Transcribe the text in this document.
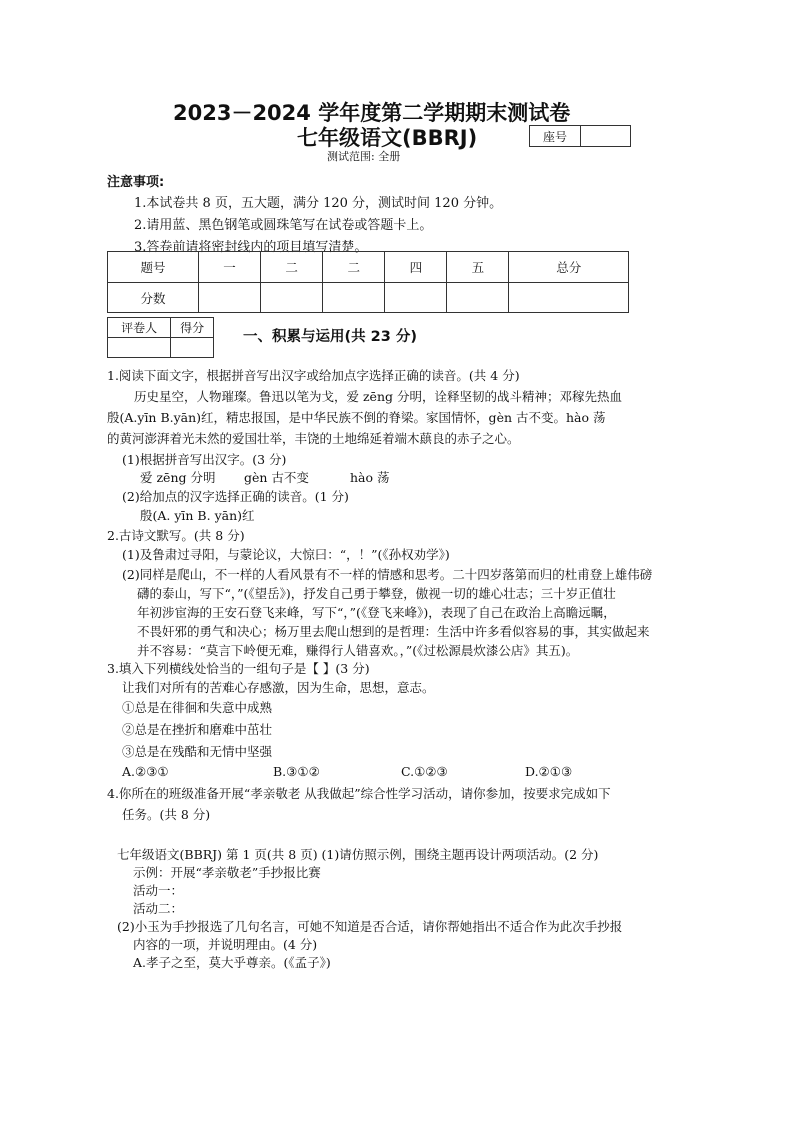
2023－2024 学年度第二学期期末测试卷
七年级语文(BBRJ)	座号
测试范围: 全册
注意事项:
1.本试卷共 8 页，五大题，满分 120 分，测试时间 120 分钟。
2.请用蓝、黑色钢笔或圆珠笔写在试卷或答题卡上。
3.答卷前请将密封线内的项目填写清楚。
题号	一	二	二	四	五	总分
分数						
评卷人	得分

一、积累与运用(共 23 分)
1.阅读下面文字，根据拼音写出汉字或给加点字选择正确的读音。(共 4 分)
历史星空，人物璀璨。鲁迅以笔为戈，爱 zēng 分明，诠释坚韧的战斗精神；邓稼先热血
殷(A.yīn B.yān)红，精忠报国，是中华民族不倒的脊梁。家国情怀，gèn 古不变。hào 荡
的黄河澎湃着光未然的爱国壮举，丰饶的土地绵延着端木蕻良的赤子之心。
(1)根据拼音写出汉字。(3 分)
爱 zēng 分明 gèn 古不变	hào 荡
(2)给加点的汉字选择正确的读音。(1 分)
殷(A. yīn B. yān)红
2.古诗文默写。(共 8 分)
(1)及鲁肃过寻阳，与蒙论议，大惊曰：“，！”(《孙权劝学》)
(2)同样是爬山，不一样的人看风景有不一样的情感和思考。二十四岁落第而归的杜甫登上雄伟磅
礴的泰山，写下“，”(《望岳》)，抒发自己勇于攀登，傲视一切的雄心壮志；三十岁正值壮
年初涉宦海的王安石登飞来峰，写下“，”(《登飞来峰》)，表现了自己在政治上高瞻远瞩，
不畏奸邪的勇气和决心；杨万里去爬山想到的是哲理：生活中许多看似容易的事，其实做起来
并不容易：“莫言下岭便无难，赚得行人错喜欢。，”(《过松源晨炊漆公店》其五)。
3.填入下列横线处恰当的一组句子是【 】(3 分)
让我们对所有的苦难心存感激，因为生命，思想，意志。
①总是在徘徊和失意中成熟
②总是在挫折和磨难中茁壮
③总是在残酷和无情中坚强
A.②③①	B.③①②	C.①②③	D.②①③
4.你所在的班级准备开展“孝亲敬老 从我做起”综合性学习活动，请你参加，按要求完成如下
任务。(共 8 分)
七年级语文(BBRJ) 第 1 页(共 8 页) (1)请仿照示例，围绕主题再设计两项活动。(2 分)
示例：开展“孝亲敬老”手抄报比赛
活动一：
活动二：
(2)小玉为手抄报选了几句名言，可她不知道是否合适，请你帮她指出不适合作为此次手抄报
内容的一项，并说明理由。(4 分)
A.孝子之至，莫大乎尊亲。(《孟子》)
